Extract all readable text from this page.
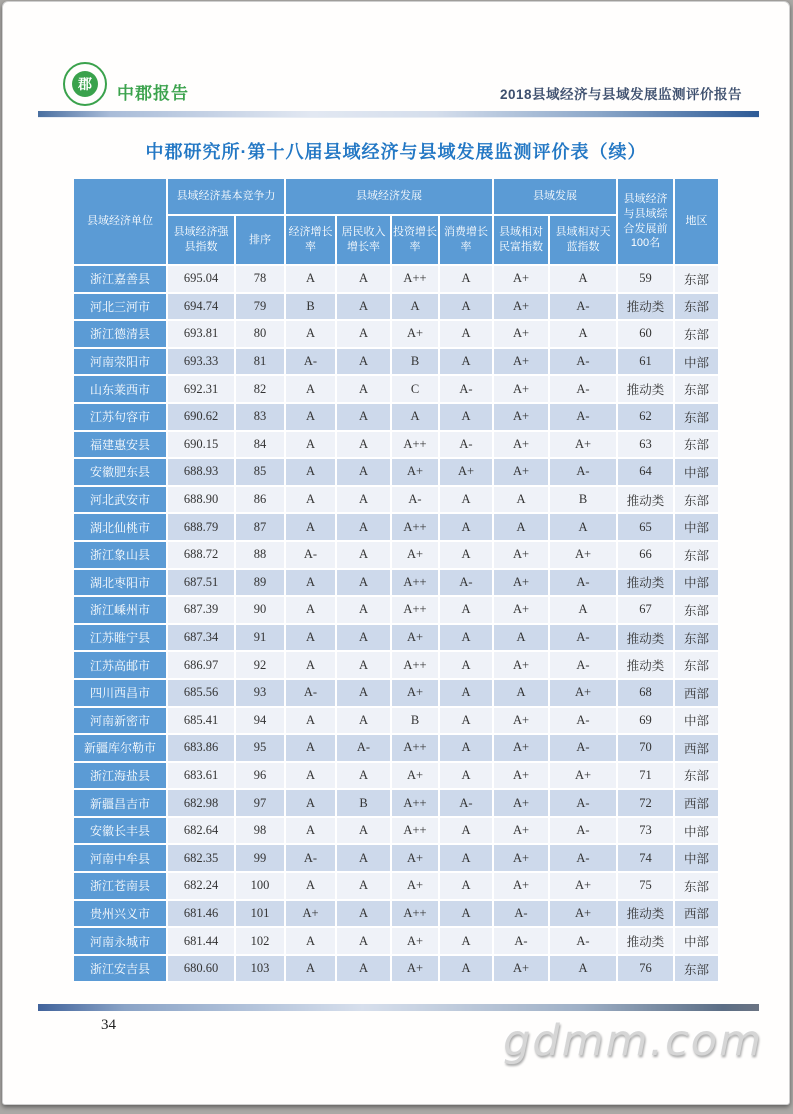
郡	中郡报告	2018县域经济与县域发展监测评价报告
中郡研究所·第十八届县域经济与县域发展监测评价表（续）
县域经济单位	县域经济基本竞争力		县域经济发展				县域发展		县域经济与县域综合发展前100名	地区
	县域经济强县指数	排序	经济增长率	居民收入增长率	投资增长率	消费增长率	县域相对民富指数	县域相对天蓝指数		
浙江嘉善县	695.04	78	A	A	A++	A	A+	A	59	东部
河北三河市	694.74	79	B	A	A	A	A+	A-	推动类	东部
浙江德清县	693.81	80	A	A	A+	A	A+	A	60	东部
河南荥阳市	693.33	81	A-	A	B	A	A+	A-	61	中部
山东莱西市	692.31	82	A	A	C	A-	A+	A-	推动类	东部
江苏句容市	690.62	83	A	A	A	A	A+	A-	62	东部
福建惠安县	690.15	84	A	A	A++	A-	A+	A+	63	东部
安徽肥东县	688.93	85	A	A	A+	A+	A+	A-	64	中部
河北武安市	688.90	86	A	A	A-	A	A	B	推动类	东部
湖北仙桃市	688.79	87	A	A	A++	A	A	A	65	中部
浙江象山县	688.72	88	A-	A	A+	A	A+	A+	66	东部
湖北枣阳市	687.51	89	A	A	A++	A-	A+	A-	推动类	中部
浙江嵊州市	687.39	90	A	A	A++	A	A+	A	67	东部
江苏睢宁县	687.34	91	A	A	A+	A	A	A-	推动类	东部
江苏高邮市	686.97	92	A	A	A++	A	A+	A-	推动类	东部
四川西昌市	685.56	93	A-	A	A+	A	A	A+	68	西部
河南新密市	685.41	94	A	A	B	A	A+	A-	69	中部
新疆库尔勒市	683.86	95	A	A-	A++	A	A+	A-	70	西部
浙江海盐县	683.61	96	A	A	A+	A	A+	A+	71	东部
新疆昌吉市	682.98	97	A	B	A++	A-	A+	A-	72	西部
安徽长丰县	682.64	98	A	A	A++	A	A+	A-	73	中部
河南中牟县	682.35	99	A-	A	A+	A	A+	A-	74	中部
浙江苍南县	682.24	100	A	A	A+	A	A+	A+	75	东部
贵州兴义市	681.46	101	A+	A	A++	A	A-	A+	推动类	西部
河南永城市	681.44	102	A	A	A+	A	A-	A-	推动类	中部
浙江安吉县	680.60	103	A	A	A+	A	A+	A	76	东部
34	gdmm.com
